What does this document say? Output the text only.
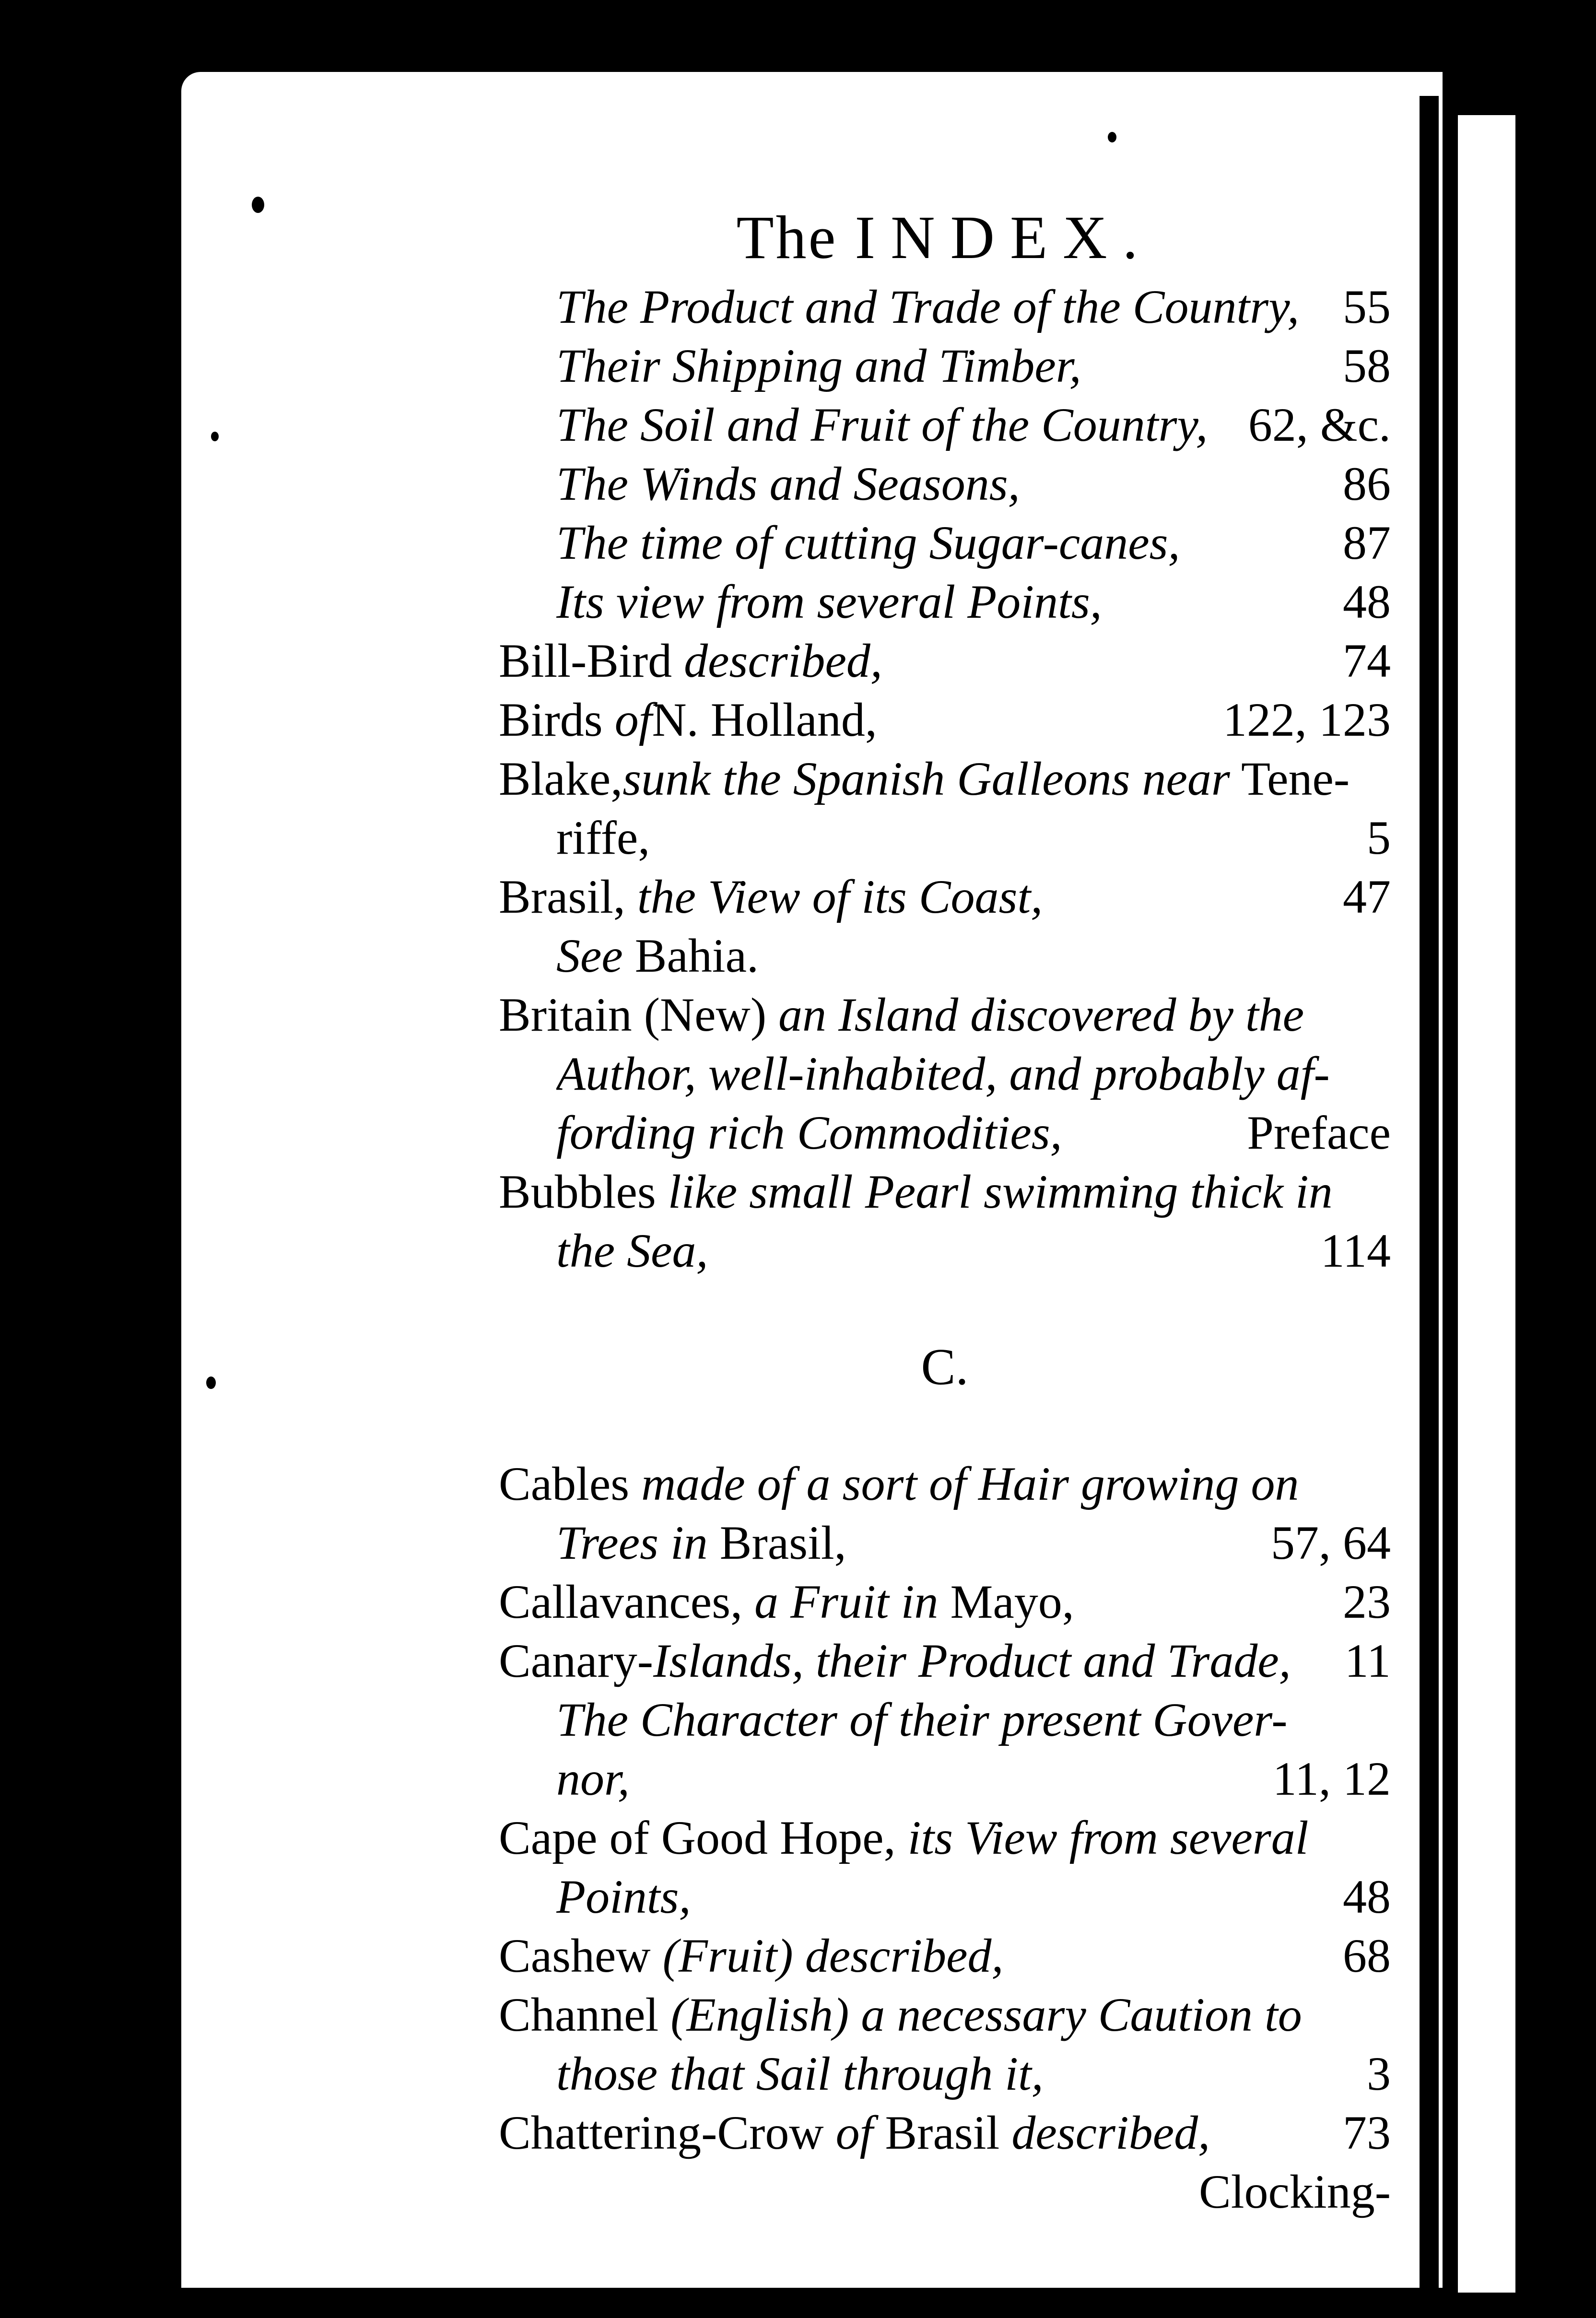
The INDEX.
The Product and Trade of the Country, 55
Their Shipping and Timber,	58
The Soil and Fruit of the Country, 62, &c.
The Winds and Seasons,	86
The time of cutting Sugar-canes,	87
Its view from several Points,	48
Bill-Bird described,	74
Birds ofN. Holland,	122, 123
Blake,sunk the Spanish Galleons near Tene-
riffe,	5
Brasil, the View of its Coast,	47
See Bahia.
Britain (New) an Island discovered by the
Author, well-inhabited, and probably af-
fording rich Commodities,	Preface
Bubbles like small Pearl swimming thick in
the Sea,	114
C.
Cables made of a sort of Hair growing on
Trees in Brasil,	57, 64
Callavances, a Fruit in Mayo,	23
Canary-Islands, their Product and Trade,	11
The Character of their present Gover-
nor,	11, 12
Cape of Good Hope, its View from several
Points,	48
Cashew (Fruit) described,	68
Channel (English) a necessary Caution to
those that Sail through it,	3
Chattering-Crow of Brasil described,	73
Clocking-
